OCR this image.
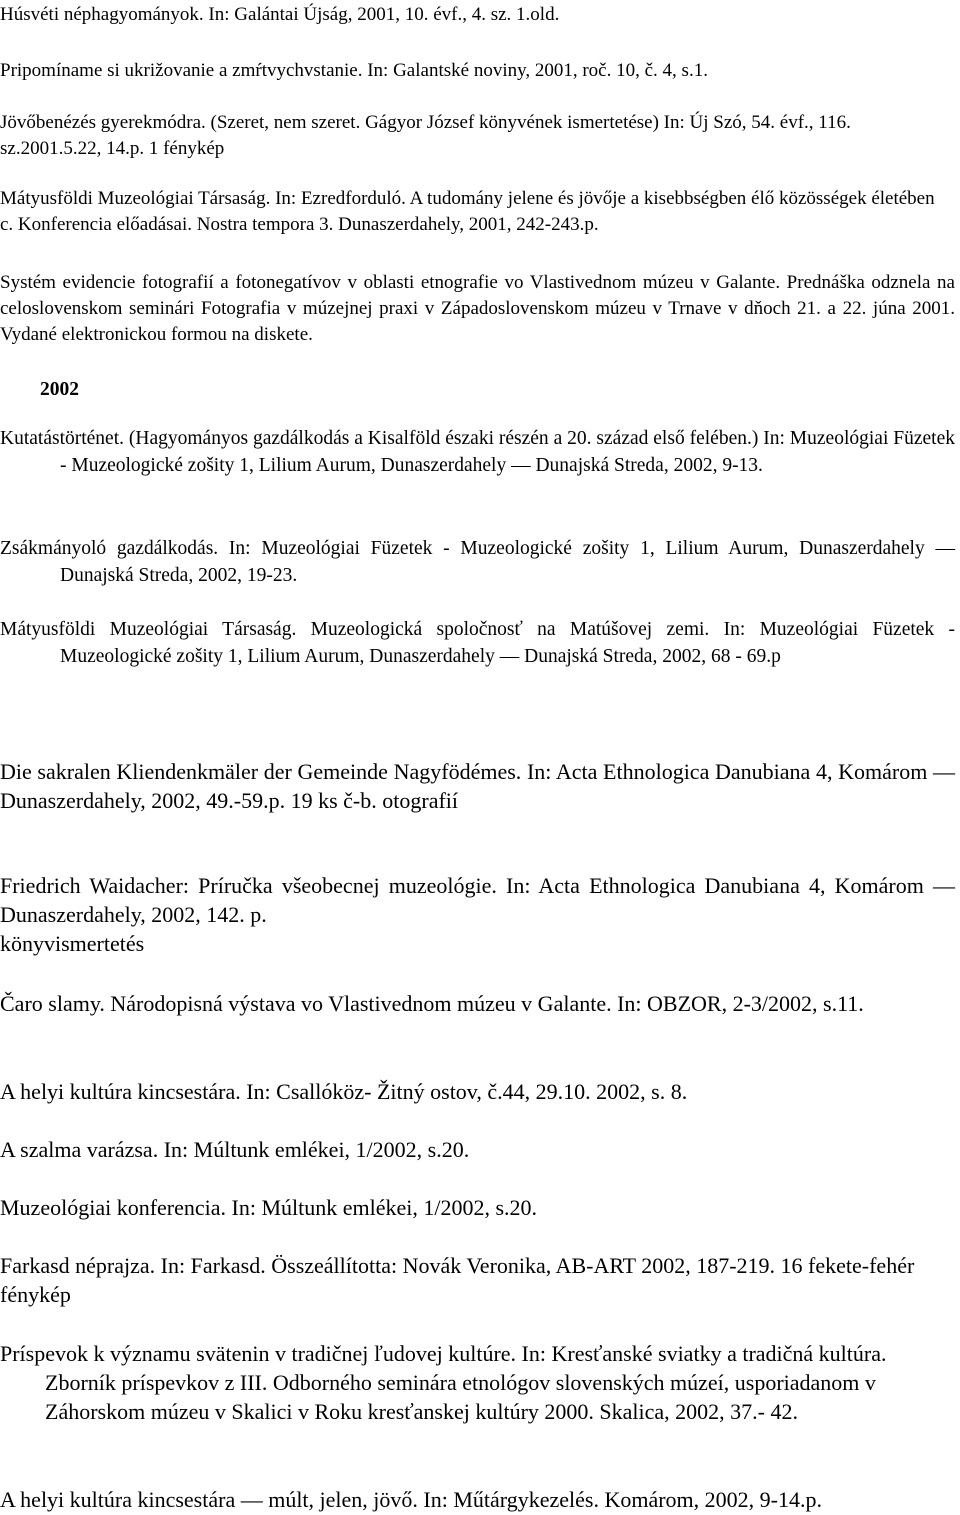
Húsvéti néphagyományok. In: Galántai Újság, 2001, 10. évf., 4. sz. 1.old.

Pripomíname si ukrižovanie a zmŕtvychvstanie. In: Galantské noviny, 2001, roč. 10, č. 4, s.1.

Jövőbenézés gyerekmódra. (Szeret, nem szeret. Gágyor József könyvének ismertetése) In: Új Szó, 54. évf., 116. sz.2001.5.22, 14.p. 1 fénykép

Mátyusföldi Muzeológiai Társaság. In: Ezredforduló. A tudomány jelene és jövője a kisebbségben élő közösségek életében c. Konferencia előadásai. Nostra tempora 3. Dunaszerdahely, 2001, 242-243.p.

Systém evidencie fotografií a fotonegatívov v oblasti etnografie vo Vlastivednom múzeu v Galante. Prednáška odznela na celoslovenskom seminári Fotografia v múzejnej praxi v Západoslovenskom múzeu v Trnave v dňoch 21. a 22. júna 2001. Vydané elektronickou formou na diskete.

2002

Kutatástörténet. (Hagyományos gazdálkodás a Kisalföld északi részén a 20. század első felében.) In: Muzeológiai Füzetek - Muzeologické zošity 1, Lilium Aurum, Dunaszerdahely ― Dunajská Streda, 2002, 9-13.

Zsákmányoló gazdálkodás. In: Muzeológiai Füzetek - Muzeologické zošity 1, Lilium Aurum, Dunaszerdahely ― Dunajská Streda, 2002, 19-23.

Mátyusföldi Muzeológiai Társaság. Muzeologická spoločnosť na Matúšovej zemi. In: Muzeológiai Füzetek - Muzeologické zošity 1, Lilium Aurum, Dunaszerdahely ― Dunajská Streda, 2002, 68 - 69.p

Die sakralen Kliendenkmäler der Gemeinde Nagyfödémes. In: Acta Ethnologica Danubiana 4, Komárom ― Dunaszerdahely, 2002, 49.-59.p. 19 ks č-b. otografií

Friedrich Waidacher: Príručka všeobecnej muzeológie. In: Acta Ethnologica Danubiana 4, Komárom ― Dunaszerdahely, 2002, 142. p.

könyvismertetés

Čaro slamy. Národopisná výstava vo Vlastivednom múzeu v Galante. In: OBZOR, 2-3/2002, s.11.

A helyi kultúra kincsestára. In: Csallóköz- Žitný ostov, č.44, 29.10. 2002, s. 8.

A szalma varázsa. In: Múltunk emlékei, 1/2002, s.20.

Muzeológiai konferencia. In: Múltunk emlékei, 1/2002, s.20.

Farkasd néprajza. In: Farkasd. Összeállította: Novák Veronika, AB-ART 2002, 187-219. 16 fekete-fehér fénykép

Príspevok k významu svätenin v tradičnej ľudovej kultúre. In: Kresťanské sviatky a tradičná kultúra. Zborník príspevkov z III. Odborného seminára etnológov slovenských múzeí, usporiadanom v Záhorskom múzeu v Skalici v Roku kresťanskej kultúry 2000. Skalica, 2002, 37.- 42.

A helyi kultúra kincsestára ― múlt, jelen, jövő. In: Műtárgykezelés. Komárom, 2002, 9-14.p.
